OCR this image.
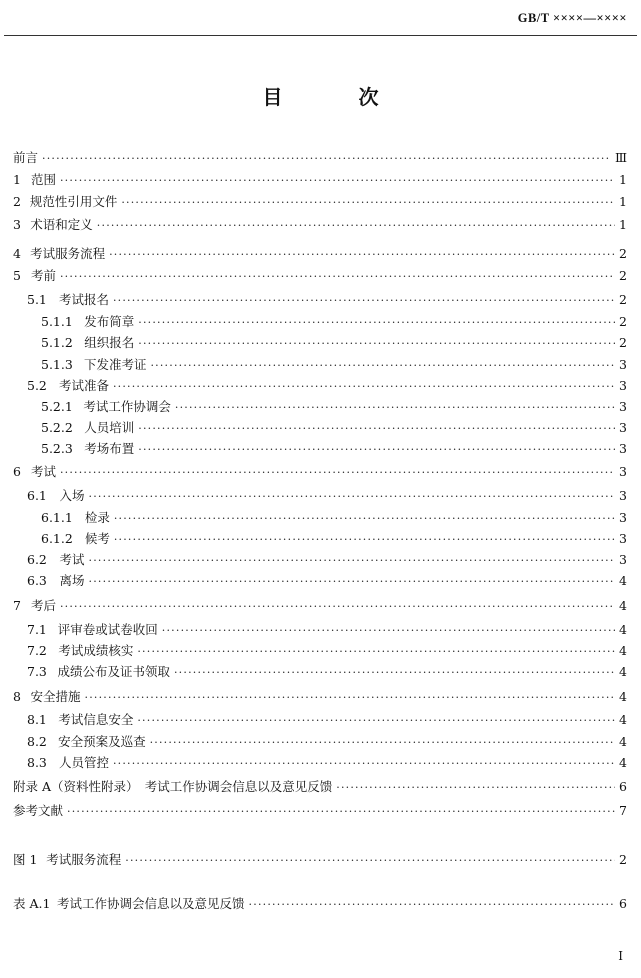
GB/T ××××—××××
目　次
前言 ·····	Ⅲ
1 范围 ·····	1
2 规范性引用文件 ·····	1
3 术语和定义 ·····	1
4 考试服务流程 ·····	2
5 考前 ·····	2
5.1 考试报名 ·····	2
5.1.1 发布简章 ·····	2
5.1.2 组织报名 ·····	2
5.1.3 下发准考证 ·····	3
5.2 考试准备 ·····	3
5.2.1 考试工作协调会 ·····	3
5.2.2 人员培训 ·····	3
5.2.3 考场布置 ·····	3
6 考试 ·····	3
6.1 入场 ·····	3
6.1.1 检录 ·····	3
6.1.2 候考 ·····	3
6.2 考试 ·····	3
6.3 离场 ·····	4
7 考后 ·····	4
7.1 评审卷或试卷收回 ·····	4
7.2 考试成绩核实 ·····	4
7.3 成绩公布及证书领取 ·····	4
8 安全措施 ·····	4
8.1 考试信息安全 ·····	4
8.2 安全预案及巡查 ·····	4
8.3 人员管控 ·····	4
附录 A（资料性附录）　考试工作协调会信息以及意见反馈 ·····	6
参考文献 ·····	7
图 1 考试服务流程 ·····	2
表 A.1 考试工作协调会信息以及意见反馈 ·····	6
Ⅰ
